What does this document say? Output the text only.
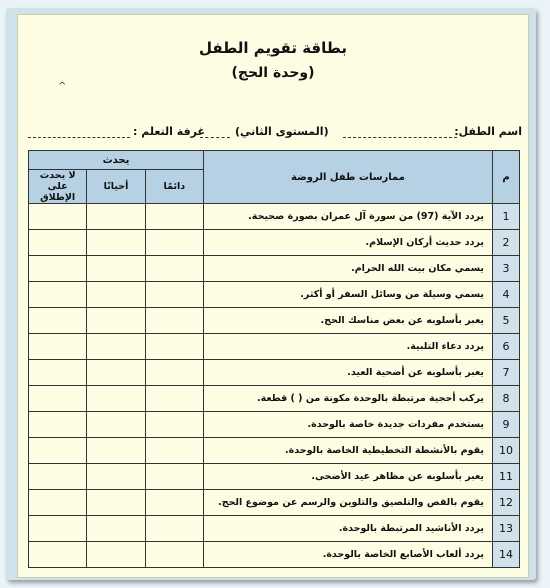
بطاقة تقويم الطفل
(وحدة الحج)
^
اسم الطفل:
(المستوى الثاني)
غرفة التعلم :
م	ممارسات طفل الروضة	يحدث		
		دائمًا	أحيانًا	لا يحدث على الإطلاق
1	يردد الآية (97) من سورة آل عمران بصورة صحيحة.			
2	يردد حديث أركان الإسلام.			
3	يسمي مكان بيت الله الحرام.			
4	يسمي وسيلة من وسائل السفر أو أكثر.			
5	يعبر بأسلوبه عن بعض مناسك الحج.			
6	يردد دعاء التلبية.			
7	يعبر بأسلوبه عن أضحية العيد.			
8	يركب أحجية مرتبطة بالوحدة مكونة من ( ) قطعة.			
9	يستخدم مفردات جديدة خاصة بالوحدة.			
10	يقوم بالأنشطة التخطيطية الخاصة بالوحدة.			
11	يعبر بأسلوبه عن مظاهر عيد الأضحى.			
12	يقوم بالقص والتلصيق والتلوين والرسم عن موضوع الحج.			
13	يردد الأناشيد المرتبطة بالوحدة.			
14	يردد ألعاب الأصابع الخاصة بالوحدة.			
